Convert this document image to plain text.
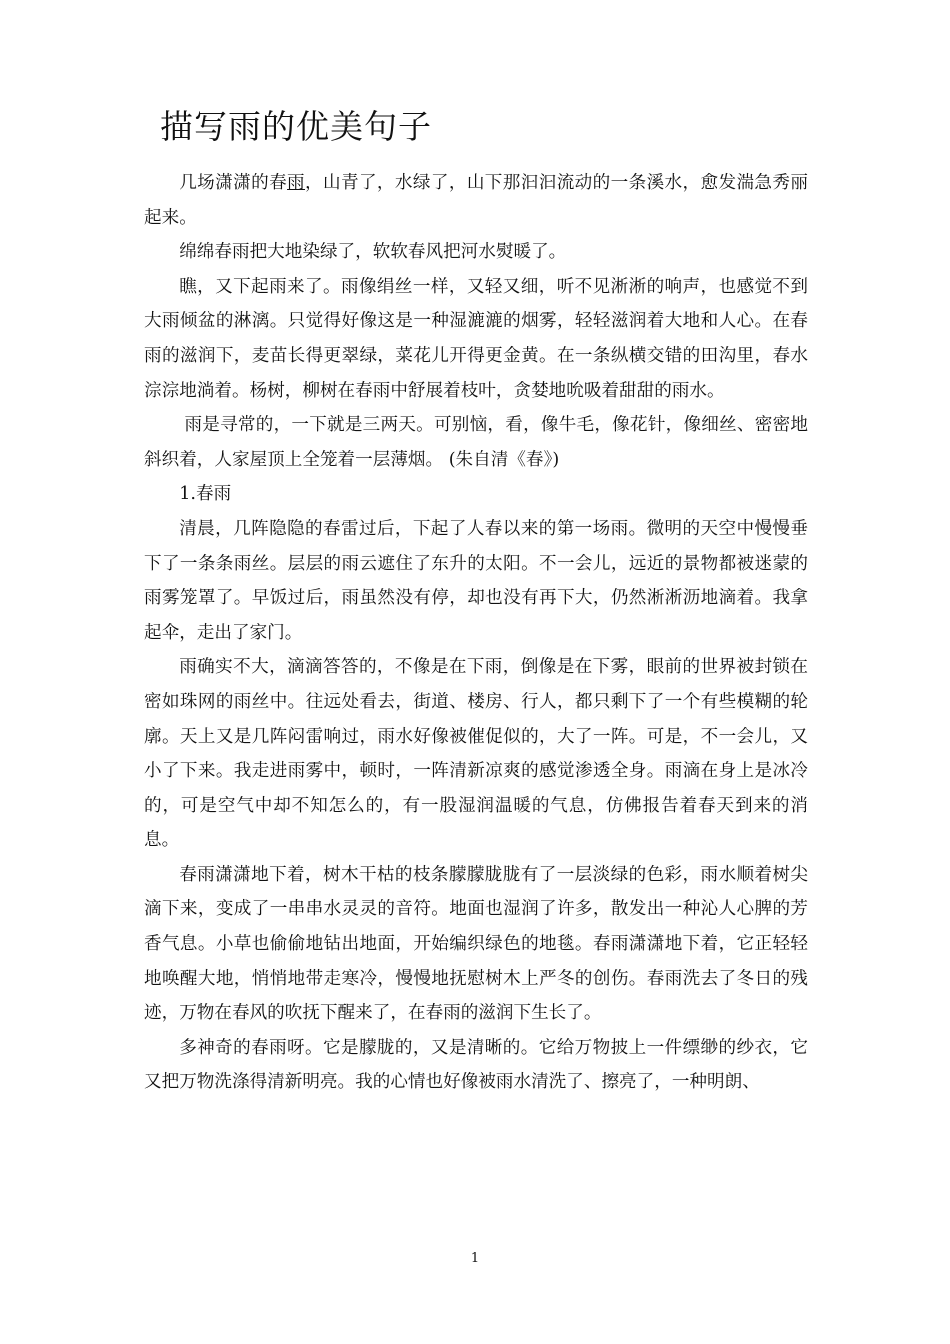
描写雨的优美句子

几场潇潇的春雨，山青了，水绿了，山下那汩汩流动的一条溪水，愈发湍急秀丽起来。

绵绵春雨把大地染绿了，软软春风把河水熨暖了。

瞧，又下起雨来了。雨像绢丝一样，又轻又细，听不见淅淅的响声，也感觉不到大雨倾盆的淋漓。只觉得好像这是一种湿漉漉的烟雾，轻轻滋润着大地和人心。在春雨的滋润下，麦苗长得更翠绿，菜花儿开得更金黄。在一条纵横交错的田沟里，春水淙淙地淌着。杨树，柳树在春雨中舒展着枝叶，贪婪地吮吸着甜甜的雨水。

雨是寻常的，一下就是三两天。可别恼，看，像牛毛，像花针，像细丝、密密地斜织着，人家屋顶上全笼着一层薄烟。 (朱自清《春》)

1.春雨

清晨，几阵隐隐的春雷过后，下起了人春以来的第一场雨。微明的天空中慢慢垂下了一条条雨丝。层层的雨云遮住了东升的太阳。不一会儿，远近的景物都被迷蒙的雨雾笼罩了。早饭过后，雨虽然没有停，却也没有再下大，仍然淅淅沥地滴着。我拿起伞，走出了家门。

雨确实不大，滴滴答答的，不像是在下雨，倒像是在下雾，眼前的世界被封锁在密如珠网的雨丝中。往远处看去，街道、楼房、行人，都只剩下了一个有些模糊的轮廓。天上又是几阵闷雷响过，雨水好像被催促似的，大了一阵。可是，不一会儿，又小了下来。我走进雨雾中，顿时，一阵清新凉爽的感觉渗透全身。雨滴在身上是冰冷的，可是空气中却不知怎么的，有一股湿润温暖的气息，仿佛报告着春天到来的消息。

春雨潇潇地下着，树木干枯的枝条朦朦胧胧有了一层淡绿的色彩，雨水顺着树尖滴下来，变成了一串串水灵灵的音符。地面也湿润了许多，散发出一种沁人心脾的芳香气息。小草也偷偷地钻出地面，开始编织绿色的地毯。春雨潇潇地下着，它正轻轻地唤醒大地，悄悄地带走寒冷，慢慢地抚慰树木上严冬的创伤。春雨洗去了冬日的残迹，万物在春风的吹抚下醒来了，在春雨的滋润下生长了。

多神奇的春雨呀。它是朦胧的，又是清晰的。它给万物披上一件缥缈的纱衣，它又把万物洗涤得清新明亮。我的心情也好像被雨水清洗了、擦亮了，一种明朗、

1
